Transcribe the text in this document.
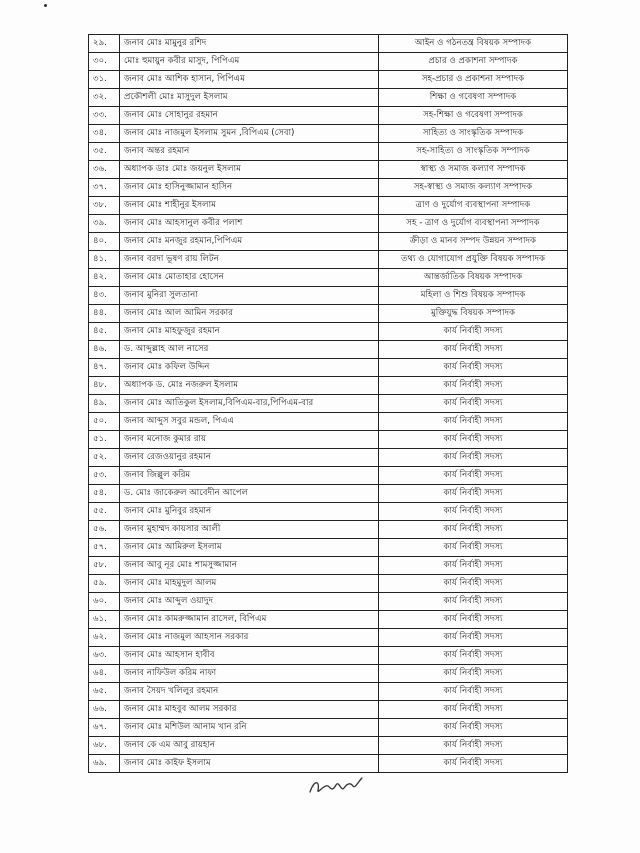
২৯.	জনাব মোঃ মামুনুর রশিদ	আইন ও গঠনতন্ত্র বিষয়ক সম্পাদক
৩০.	মোঃ হুমায়ুন কবীর মাসুদ, পিপিএম	প্রচার ও প্রকাশনা সম্পাদক
৩১.	জনাব মোঃ আশিক হাসান, পিপিএম	সহ-প্রচার ও প্রকাশনা সম্পাদক
৩২.	প্রকৌশলী মোঃ মাসুদুল ইসলাম	শিক্ষা ও গবেষণা সম্পাদক
৩৩.	জনাব মোঃ সোহানুর রহমান	সহ-শিক্ষা ও গবেষণা সম্পাদক
৩৪.	জনাব মোঃ নাজমুল ইসলাম সুমন ,বিপিএম (সেবা)	সাহিত্য ও সাংস্কৃতিক সম্পাদক
৩৫.	জনাব অন্তর রহমান	সহ-সাহিত্য ও সাংস্কৃতিক সম্পাদক
৩৬.	অধ্যাপক ডাঃ মোঃ জয়নুল ইসলাম	স্বাস্থ্য ও সমাজ কল্যাণ সম্পাদক
৩৭.	জনাব মোঃ হাসিনুজ্জামান হাসিন	সহ-স্বাস্থ্য ও সমাজ কল্যাণ সম্পাদক
৩৮.	জনাব মোঃ শাহীনুর ইসলাম	ত্রাণ ও দুর্যোগ ব্যবস্থাপনা সম্পাদক
৩৯.	জনাব মোঃ আহসানুল কবীর পলাশ	সহ - ত্রাণ ও দুর্যোগ ব্যবস্থাপনা সম্পাদক
৪০.	জনাব মোঃ মনজুর রহমান,পিপিএম	ক্রীড়া ও মানব সম্পদ উন্নয়ন সম্পাদক
৪১.	জনাব বরদা ভূষণ রায় লিটন	তথ্য ও যোগাযোগ প্রযুক্তি বিষয়ক সম্পাদক
৪২.	জনাব মোঃ মোতাহার হোসেন	আন্তর্জাতিক বিষয়ক সম্পাদক
৪৩.	জনাব মুনিরা সুলতানা	মহিলা ও শিশু বিষয়ক সম্পাদক
৪৪.	জনাব মোঃ আল আমিন সরকার	মুক্তিযুদ্ধ বিষয়ক সম্পাদক
৪৫.	জনাব মোঃ মাহফুজুর রহমান	কার্য নির্বাহী সদস্য
৪৬.	ড. আব্দুল্লাহ আল নাসের	কার্য নির্বাহী সদস্য
৪৭.	জনাব মোঃ কফিল উদ্দিন	কার্য নির্বাহী সদস্য
৪৮.	অধ্যাপক ড. মোঃ নজরুল ইসলাম	কার্য নির্বাহী সদস্য
৪৯.	জনাব মোঃ আতিকুল ইসলাম,বিপিএম-বার,পিপিএম-বার	কার্য নির্বাহী সদস্য
৫০.	জনাব আব্দুস সবুর মন্ডল, পিএএ	কার্য নির্বাহী সদস্য
৫১.	জনাব মনোজ কুমার রায়	কার্য নির্বাহী সদস্য
৫২.	জনাব রেজওয়ানুর রহমান	কার্য নির্বাহী সদস্য
৫৩.	জনাব জিল্লুল করিম	কার্য নির্বাহী সদস্য
৫৪.	ড. মোঃ জাকেরুল আবেদীন আপেল	কার্য নির্বাহী সদস্য
৫৫.	জনাব মোঃ মুনিবুর রহমান	কার্য নির্বাহী সদস্য
৫৬.	জনাব মুহাম্মদ কায়সার আলী	কার্য নির্বাহী সদস্য
৫৭.	জনাব মোঃ আমিরুল ইসলাম	কার্য নির্বাহী সদস্য
৫৮.	জনাব আবু নূর মোঃ শামসুজ্জামান	কার্য নির্বাহী সদস্য
৫৯.	জনাব মোঃ মাহমুদুল আলম	কার্য নির্বাহী সদস্য
৬০.	জনাব মোঃ আব্দুল ওয়াদুদ	কার্য নির্বাহী সদস্য
৬১.	জনাব মোঃ কামরুজ্জামান রাসেল, বিপিএম	কার্য নির্বাহী সদস্য
৬২.	জনাব মোঃ নাজমুল আহসান সরকার	কার্য নির্বাহী সদস্য
৬৩.	জনাব মোঃ আহসান হাবীব	কার্য নির্বাহী সদস্য
৬৪.	জনাব নাফিউল করিম নাফা	কার্য নির্বাহী সদস্য
৬৫.	জনাব সৈয়দ খলিলুর রহমান	কার্য নির্বাহী সদস্য
৬৬.	জনাব মোঃ মাহবুব আলম সরকার	কার্য নির্বাহী সদস্য
৬৭.	জনাব মোঃ মশিউল আনাম খান রনি	কার্য নির্বাহী সদস্য
৬৮.	জনাব কে এম আবু রায়হান	কার্য নির্বাহী সদস্য
৬৯.	জনাব মোঃ কাইফ ইসলাম	কার্য নির্বাহী সদস্য
